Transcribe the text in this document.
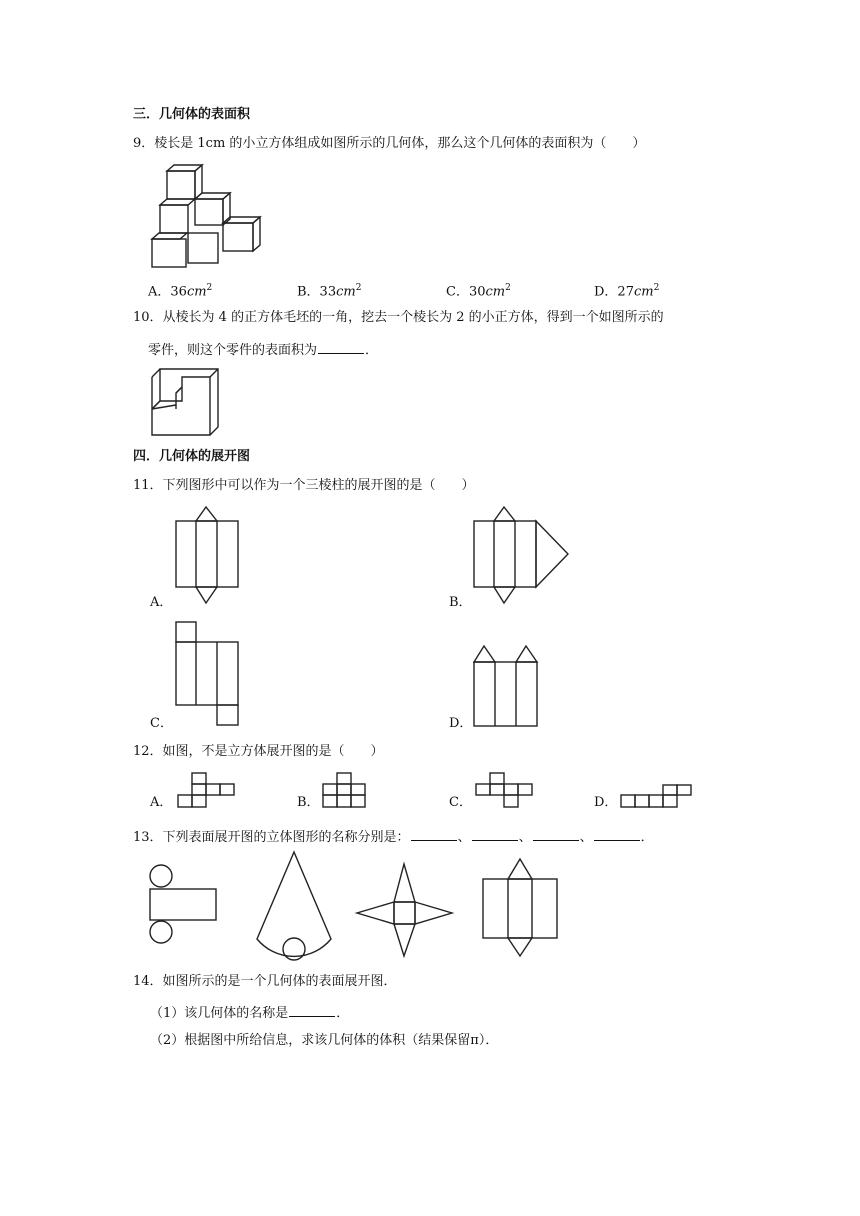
三．几何体的表面积
9．棱长是 1cm 的小立方体组成如图所示的几何体，那么这个几何体的表面积为（　　）
A．$36cm^2$	B．$33cm^2$	C．$30cm^2$	D．$27cm^2$
10．从棱长为 4 的正方体毛坯的一角，挖去一个棱长为 2 的小正方体，得到一个如图所示的
零件，则这个零件的表面积为	．
四．几何体的展开图
11．下列图形中可以作为一个三棱柱的展开图的是（　　）
A．	B．
C．	D．
12．如图，不是立方体展开图的是（　　）
A．	B．	C．	D．
13．下列表面展开图的立体图形的名称分别是：	、	、	、	．
14．如图所示的是一个几何体的表面展开图．
（1）该几何体的名称是	．
（2）根据图中所给信息，求该几何体的体积（结果保留π）．
